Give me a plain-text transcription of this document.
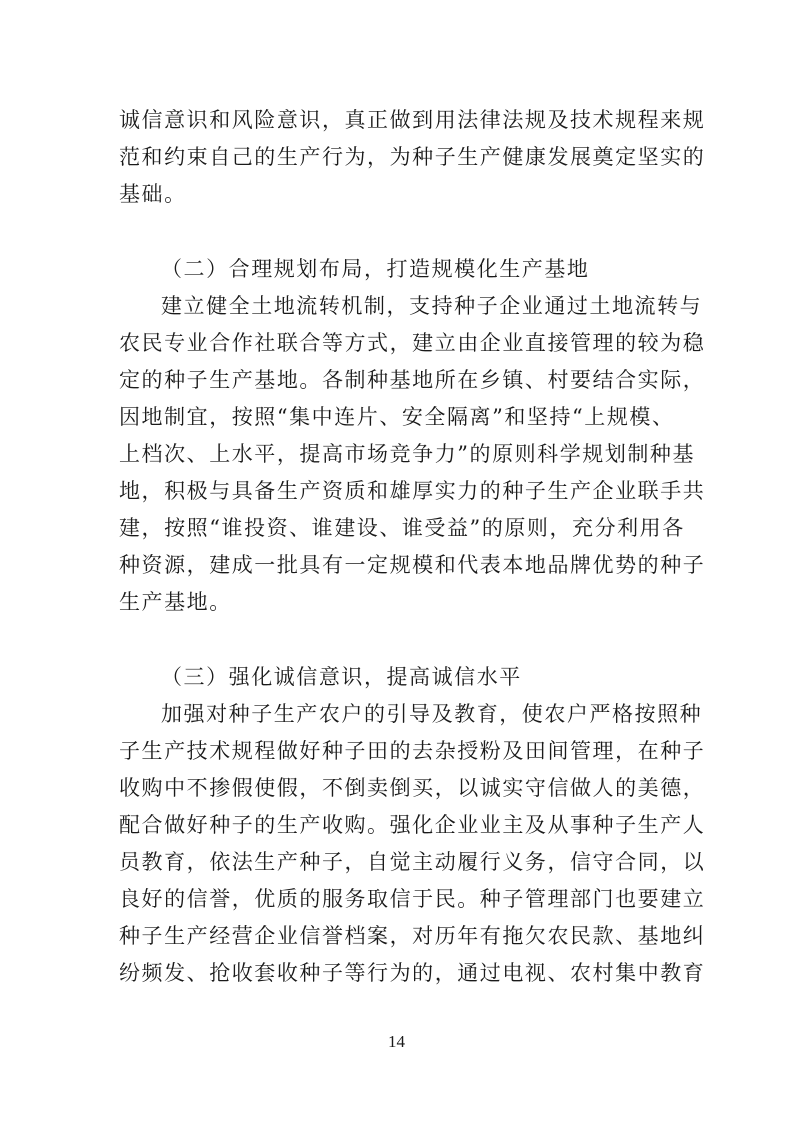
诚信意识和风险意识，真正做到用法律法规及技术规程来规
范和约束自己的生产行为，为种子生产健康发展奠定坚实的
基础。
（二）合理规划布局，打造规模化生产基地
建立健全土地流转机制，支持种子企业通过土地流转与
农民专业合作社联合等方式，建立由企业直接管理的较为稳
定的种子生产基地。各制种基地所在乡镇、村要结合实际，
因地制宜，按照“集中连片、安全隔离”和坚持“上规模、
上档次、上水平，提高市场竞争力”的原则科学规划制种基
地，积极与具备生产资质和雄厚实力的种子生产企业联手共
建，按照“谁投资、谁建设、谁受益”的原则，充分利用各
种资源，建成一批具有一定规模和代表本地品牌优势的种子
生产基地。
（三）强化诚信意识，提高诚信水平
加强对种子生产农户的引导及教育，使农户严格按照种
子生产技术规程做好种子田的去杂授粉及田间管理，在种子
收购中不掺假使假，不倒卖倒买，以诚实守信做人的美德，
配合做好种子的生产收购。强化企业业主及从事种子生产人
员教育，依法生产种子，自觉主动履行义务，信守合同，以
良好的信誉，优质的服务取信于民。种子管理部门也要建立
种子生产经营企业信誉档案，对历年有拖欠农民款、基地纠
纷频发、抢收套收种子等行为的，通过电视、农村集中教育
14
